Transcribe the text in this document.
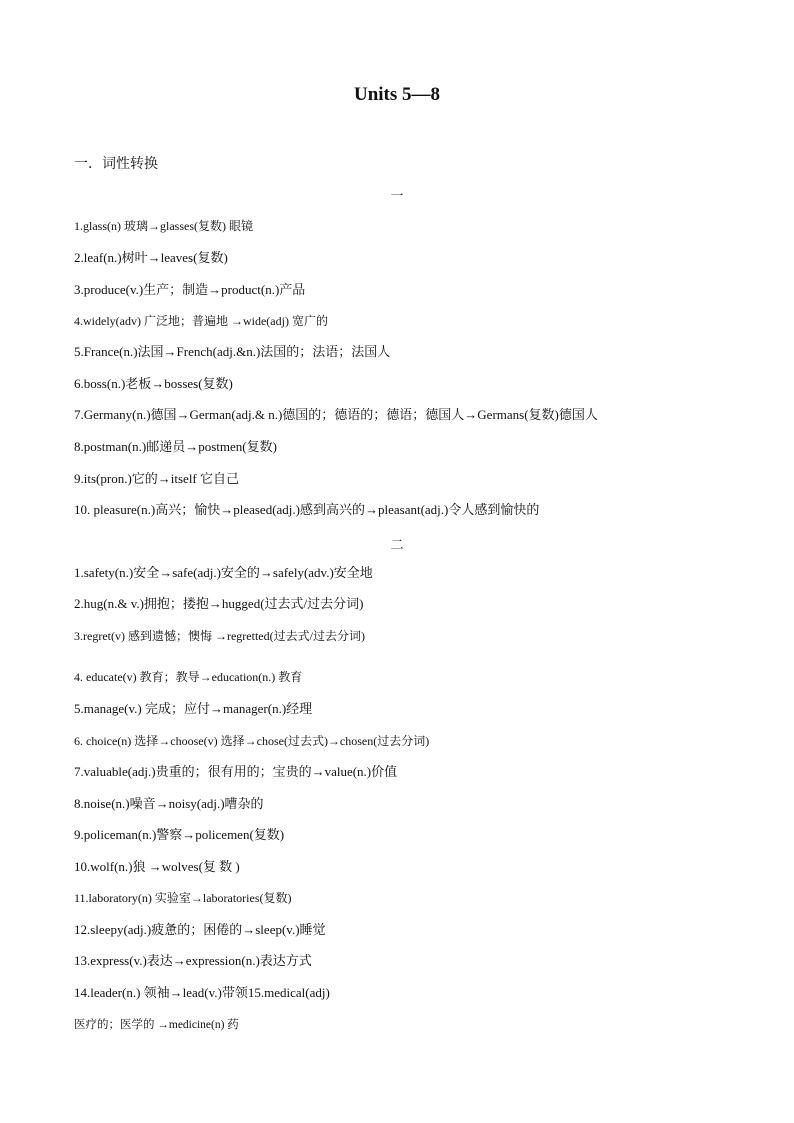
Units 5—8
一．词性转换
一
1.glass(n) 玻璃→glasses(复数) 眼镜
2.leaf(n.)树叶→leaves(复数)
3.produce(v.)生产；制造→product(n.)产品
4.widely(adv) 广泛地；普遍地 →wide(adj) 宽广的
5.France(n.)法国→French(adj.&n.)法国的；法语；法国人
6.boss(n.)老板→bosses(复数)
7.Germany(n.)德国→German(adj.& n.)德国的；德语的；德语；德国人→Germans(复数)德国人
8.postman(n.)邮递员→postmen(复数)
9.its(pron.)它的→itself 它自己
10. pleasure(n.)高兴；愉快→pleased(adj.)感到高兴的→pleasant(adj.)令人感到愉快的
二
1.safety(n.)安全→safe(adj.)安全的→safely(adv.)安全地
2.hug(n.& v.)拥抱；搂抱→hugged(过去式/过去分词)
3.regret(v) 感到遗憾；懊悔 →regretted(过去式/过去分词)
4. educate(v) 教育；教导→education(n.) 教育
5.manage(v.) 完成；应付→manager(n.)经理
6. choice(n) 选择→choose(v) 选择→chose(过去式)→chosen(过去分词)
7.valuable(adj.)贵重的；很有用的；宝贵的→value(n.)价值
8.noise(n.)噪音→noisy(adj.)嘈杂的
9.policeman(n.)警察→policemen(复数)
10.wolf(n.)狼 →wolves(复 数 )
11.laboratory(n) 实验室→laboratories(复数)
12.sleepy(adj.)疲惫的；困倦的→sleep(v.)睡觉
13.express(v.)表达→expression(n.)表达方式
14.leader(n.) 领袖→lead(v.)带领15.medical(adj)
医疗的；医学的 →medicine(n) 药
